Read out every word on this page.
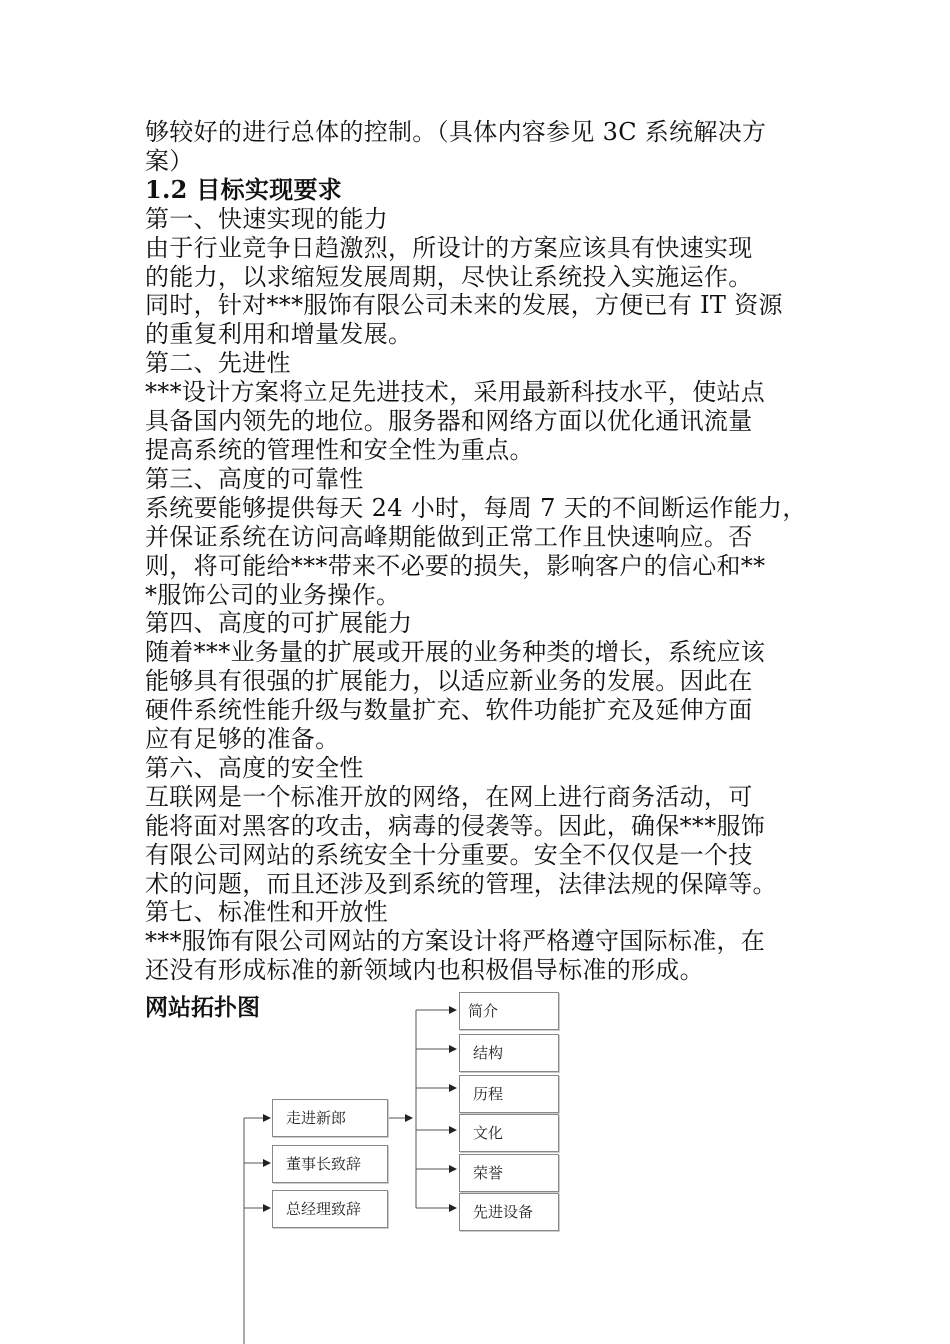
够较好的进行总体的控制。（具体内容参见 3C 系统解决方

案）

1.2 目标实现要求

第一、快速实现的能力

由于行业竞争日趋激烈，所设计的方案应该具有快速实现

的能力，以求缩短发展周期，尽快让系统投入实施运作。

同时，针对***服饰有限公司未来的发展，方便已有 IT 资源

的重复利用和增量发展。

第二、先进性

***设计方案将立足先进技术，采用最新科技水平，使站点

具备国内领先的地位。服务器和网络方面以优化通讯流量

提高系统的管理性和安全性为重点。

第三、高度的可靠性

系统要能够提供每天 24 小时，每周 7 天的不间断运作能力，

并保证系统在访问高峰期能做到正常工作且快速响应。否

则，将可能给***带来不必要的损失，影响客户的信心和**

*服饰公司的业务操作。

第四、高度的可扩展能力

随着***业务量的扩展或开展的业务种类的增长，系统应该

能够具有很强的扩展能力，以适应新业务的发展。因此在

硬件系统性能升级与数量扩充、软件功能扩充及延伸方面

应有足够的准备。

第六、高度的安全性

互联网是一个标准开放的网络，在网上进行商务活动，可

能将面对黑客的攻击，病毒的侵袭等。因此，确保***服饰

有限公司网站的系统安全十分重要。安全不仅仅是一个技

术的问题，而且还涉及到系统的管理，法律法规的保障等。

第七、标准性和开放性

***服饰有限公司网站的方案设计将严格遵守国际标准，在

还没有形成标准的新领域内也积极倡导标准的形成。

网站拓扑图

走进新郎
董事长致辞
总经理致辞
简介
结构
历程
文化
荣誉
先进设备
